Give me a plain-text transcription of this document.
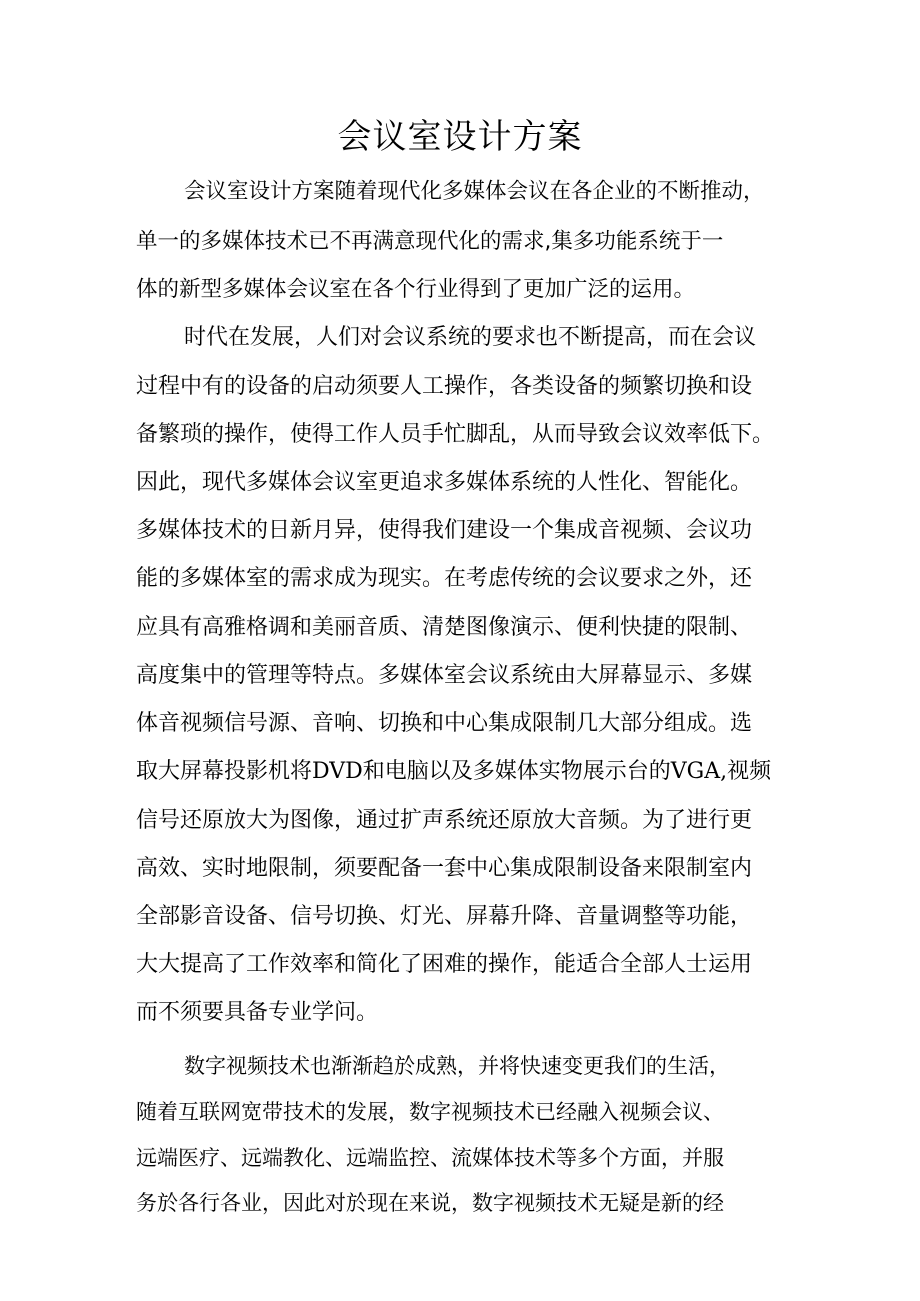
会议室设计方案

会议室设计方案随着现代化多媒体会议在各企业的不断推动，

单一的多媒体技术已不再满意现代化的需求,集多功能系统于一

体的新型多媒体会议室在各个行业得到了更加广泛的运用。

时代在发展，人们对会议系统的要求也不断提高，而在会议

过程中有的设备的启动须要人工操作，各类设备的频繁切换和设

备繁琐的操作，使得工作人员手忙脚乱，从而导致会议效率低下。

因此，现代多媒体会议室更追求多媒体系统的人性化、智能化。

多媒体技术的日新月异，使得我们建设一个集成音视频、会议功

能的多媒体室的需求成为现实。在考虑传统的会议要求之外，还

应具有高雅格调和美丽音质、清楚图像演示、便利快捷的限制、

高度集中的管理等特点。多媒体室会议系统由大屏幕显示、多媒

体音视频信号源、音响、切换和中心集成限制几大部分组成。选

取大屏幕投影机将DVD和电脑以及多媒体实物展示台的VGA,视频

信号还原放大为图像，通过扩声系统还原放大音频。为了进行更

高效、实时地限制，须要配备一套中心集成限制设备来限制室内

全部影音设备、信号切换、灯光、屏幕升降、音量调整等功能，

大大提高了工作效率和简化了困难的操作，能适合全部人士运用

而不须要具备专业学问。

数字视频技术也渐渐趋於成熟，并将快速变更我们的生活，

随着互联网宽带技术的发展，数字视频技术已经融入视频会议、

远端医疗、远端教化、远端监控、流媒体技术等多个方面，并服

务於各行各业，因此对於现在来说，数字视频技术无疑是新的经
